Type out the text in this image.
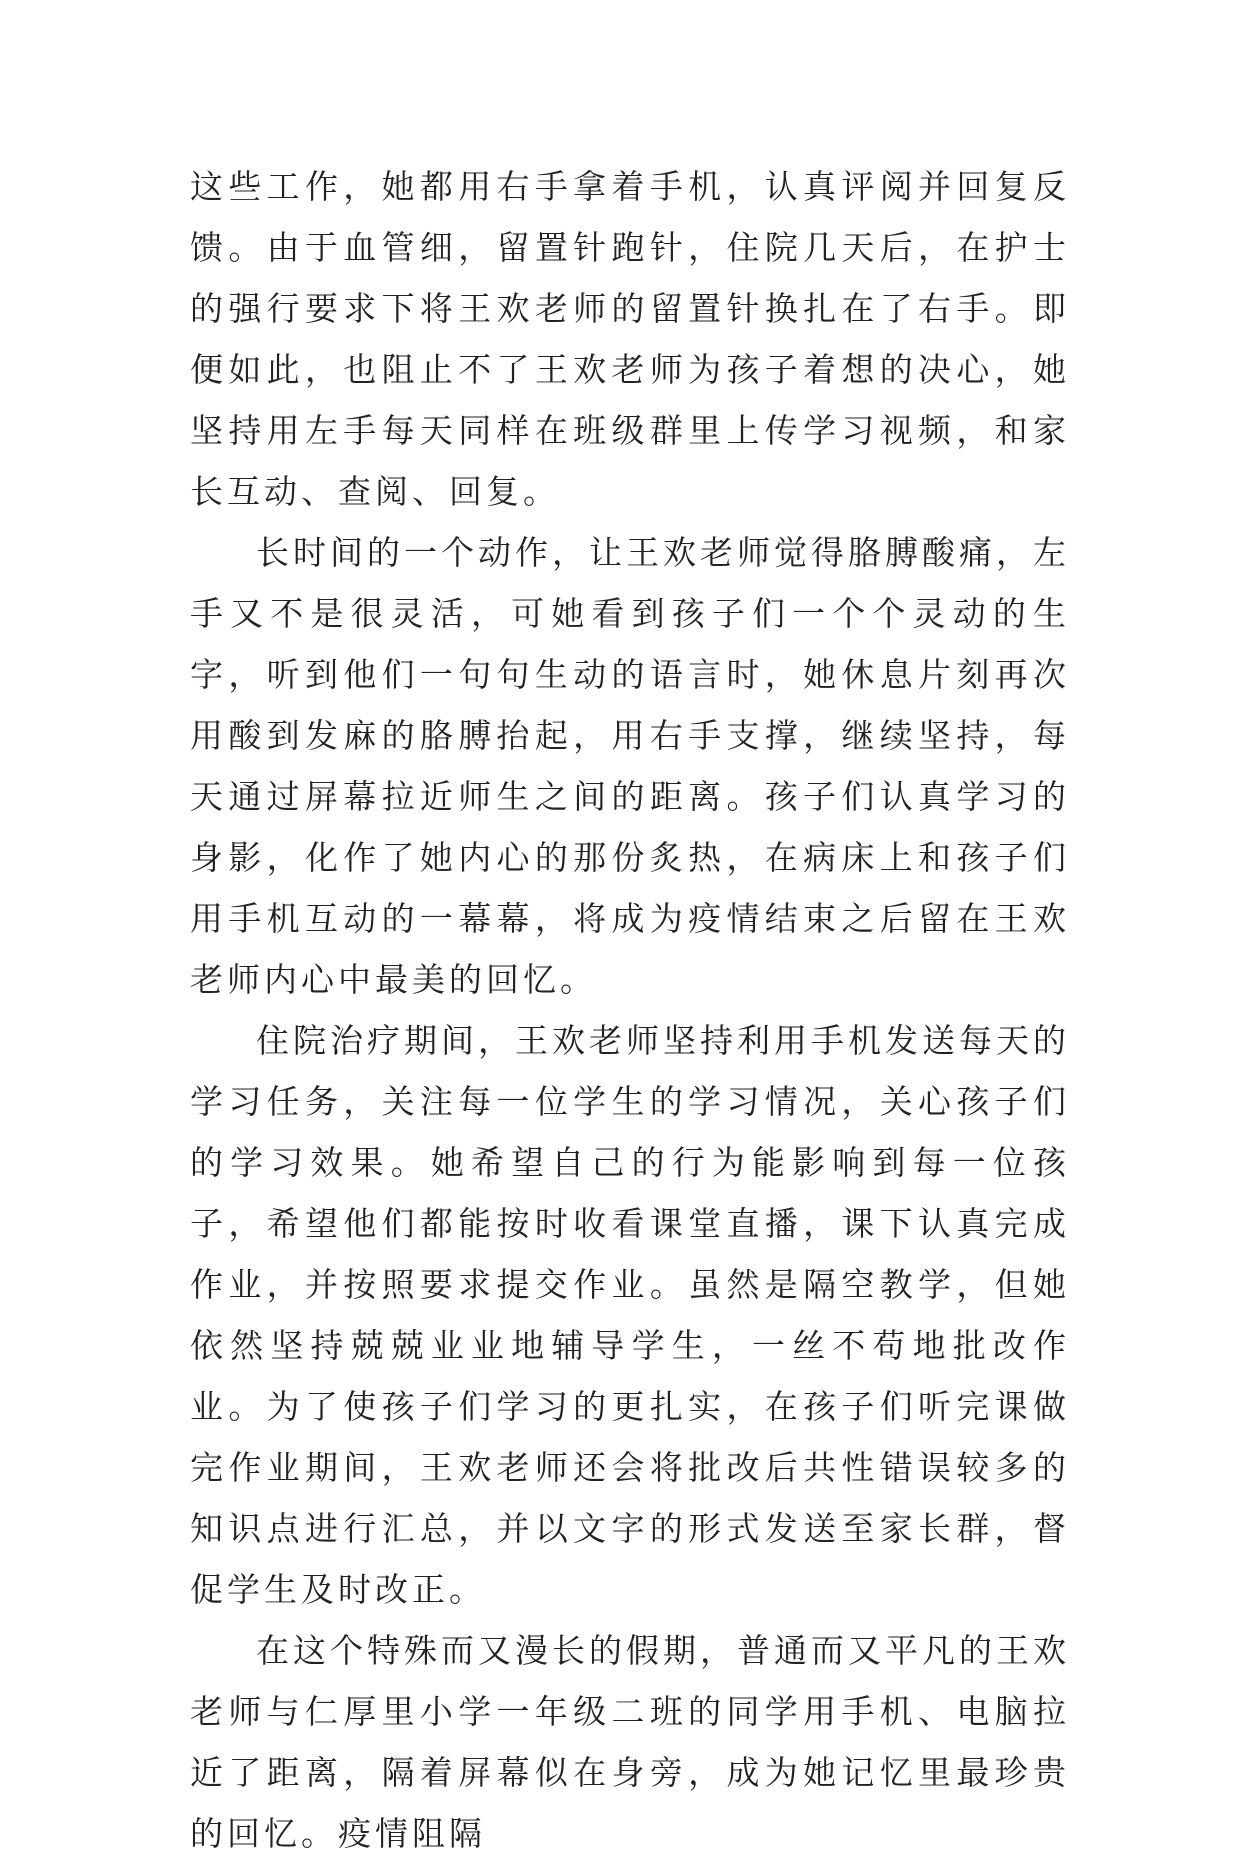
这些工作，她都用右手拿着手机，认真评阅并回复反馈。由于血管细，留置针跑针，住院几天后，在护士的强行要求下将王欢老师的留置针换扎在了右手。即便如此，也阻止不了王欢老师为孩子着想的决心，她坚持用左手每天同样在班级群里上传学习视频，和家长互动、查阅、回复。

长时间的一个动作，让王欢老师觉得胳膊酸痛，左手又不是很灵活，可她看到孩子们一个个灵动的生字，听到他们一句句生动的语言时，她休息片刻再次用酸到发麻的胳膊抬起，用右手支撑，继续坚持，每天通过屏幕拉近师生之间的距离。孩子们认真学习的身影，化作了她内心的那份炙热，在病床上和孩子们用手机互动的一幕幕，将成为疫情结束之后留在王欢老师内心中最美的回忆。

住院治疗期间，王欢老师坚持利用手机发送每天的学习任务，关注每一位学生的学习情况，关心孩子们的学习效果。她希望自己的行为能影响到每一位孩子，希望他们都能按时收看课堂直播，课下认真完成作业，并按照要求提交作业。虽然是隔空教学，但她依然坚持兢兢业业地辅导学生，一丝不苟地批改作业。为了使孩子们学习的更扎实，在孩子们听完课做完作业期间，王欢老师还会将批改后共性错误较多的知识点进行汇总，并以文字的形式发送至家长群，督促学生及时改正。

在这个特殊而又漫长的假期，普通而又平凡的王欢老师与仁厚里小学一年级二班的同学用手机、电脑拉近了距离，隔着屏幕似在身旁，成为她记忆里最珍贵的回忆。疫情阻隔
